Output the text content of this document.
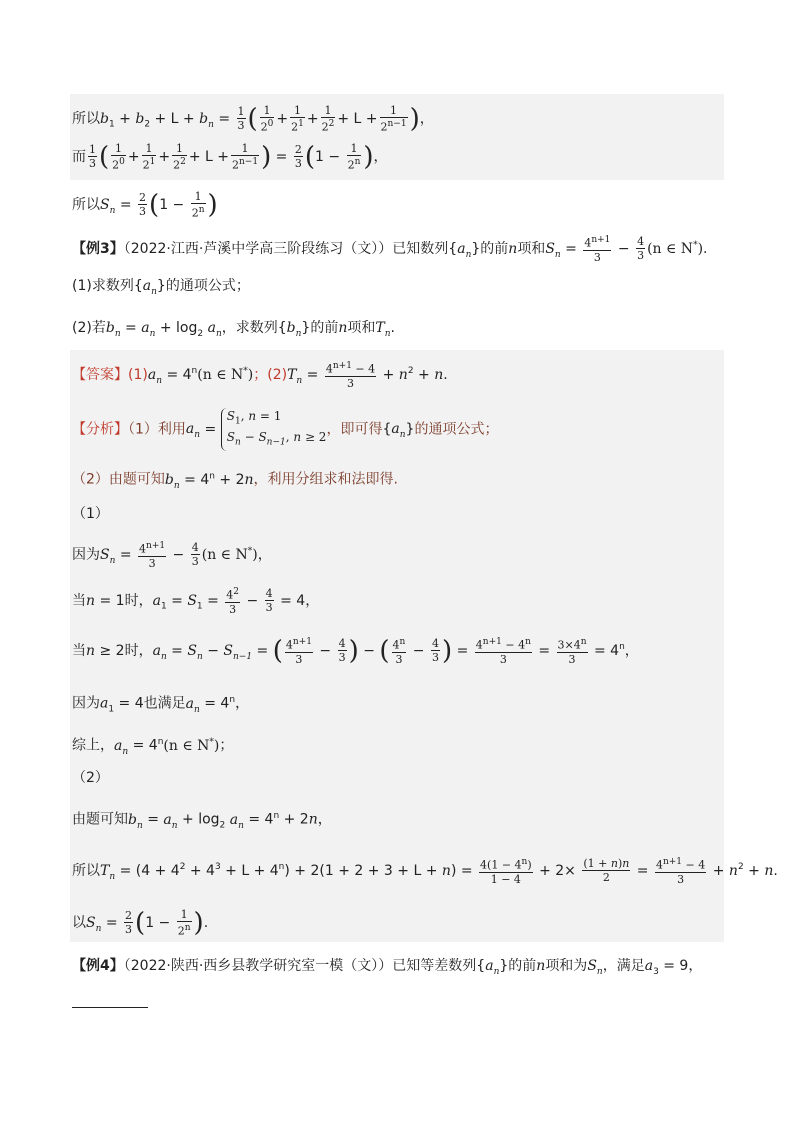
所以$b_1 + b_2 + L + b_n = \frac{1}{3}$ ( $\frac{1}{2^0} + \frac{1}{2^1} + \frac{1}{2^2} + L + \frac{1}{2^{n-1}}$ )，
而 $\frac{1}{3}$ ( $\frac{1}{2^0} + \frac{1}{2^1} + \frac{1}{2^2} + L + \frac{1}{2^{n-1}}$ ) = $\frac{2}{3} (1 - \frac{1}{2^n}$ )，
所以$S_n = \frac{2}{3} (1 - \frac{1}{2^n}$ )
【例3】（2022·江西·芦溪中学高三阶段练习（文））已知数列$\{a_n\}$的前n项和$S_n = \frac{4^{n+1}}{3} - \frac{4}{3} (n$ ∈ N*).
(1)求数列$\{a_n\}$的通项公式；
(2)若$b_n = a_n + \log_2 a_n$，求数列$\{b_n\}$的前n项和$T_n$.
【答案】$(1)a_n = 4^n(n$ ∈ N*)；$(2)T_n = \frac{4^{n+1} - 4}{3} + n^2 + n$.
【分析】（1）利用$a_n = S_1$, n = 1
$S_n - S_{n-1}$, n ≥ 2，即可得$\{a_n\}$的通项公式；
（2）由题可知$b_n = 4^n + 2n$，利用分组求和法即得.
（1）
因为$S_n = \frac{4^{n+1}}{3} - \frac{4}{3} (n$ ∈ N*)，
当n = 1时，$a_1 = S_1 = \frac{4^2}{3} - \frac{4}{3} = 4$，
当n ≥ 2时，$a_n = S_n - S_{n-1}$ = ( $\frac{4^{n+1}}{3} - \frac{4}{3}$ ) − ( $\frac{4^n}{3} - \frac{4}{3}$ ) = $\frac{4^{n+1} - 4^n}{3} = \frac{3\times 4^n}{3} = 4^n$，
因为$a_1 = 4$也满足$a_n = 4^n$，
综上，$a_n = 4^n(n$ ∈ N*)；
（2）
由题可知$b_n = a_n + \log_2 a_n = 4^n + 2n$，
所以$T_n = (4 + 4^2 + 4^3 + L + 4^n) + 2(1 + 2 + 3 + L + n) = \frac{4(1 - 4^n)}{1 - 4} + 2\times \frac{(1 + n)n}{2} = \frac{4^{n+1} - 4}{3} + n^2 + n$.
以$S_n = \frac{2}{3} (1 - \frac{1}{2^n}$ ).
【例4】（2022·陕西·西乡县教学研究室一模（文））已知等差数列$\{a_n\}$的前n项和为$S_n$，满足$a_3 = 9$，
